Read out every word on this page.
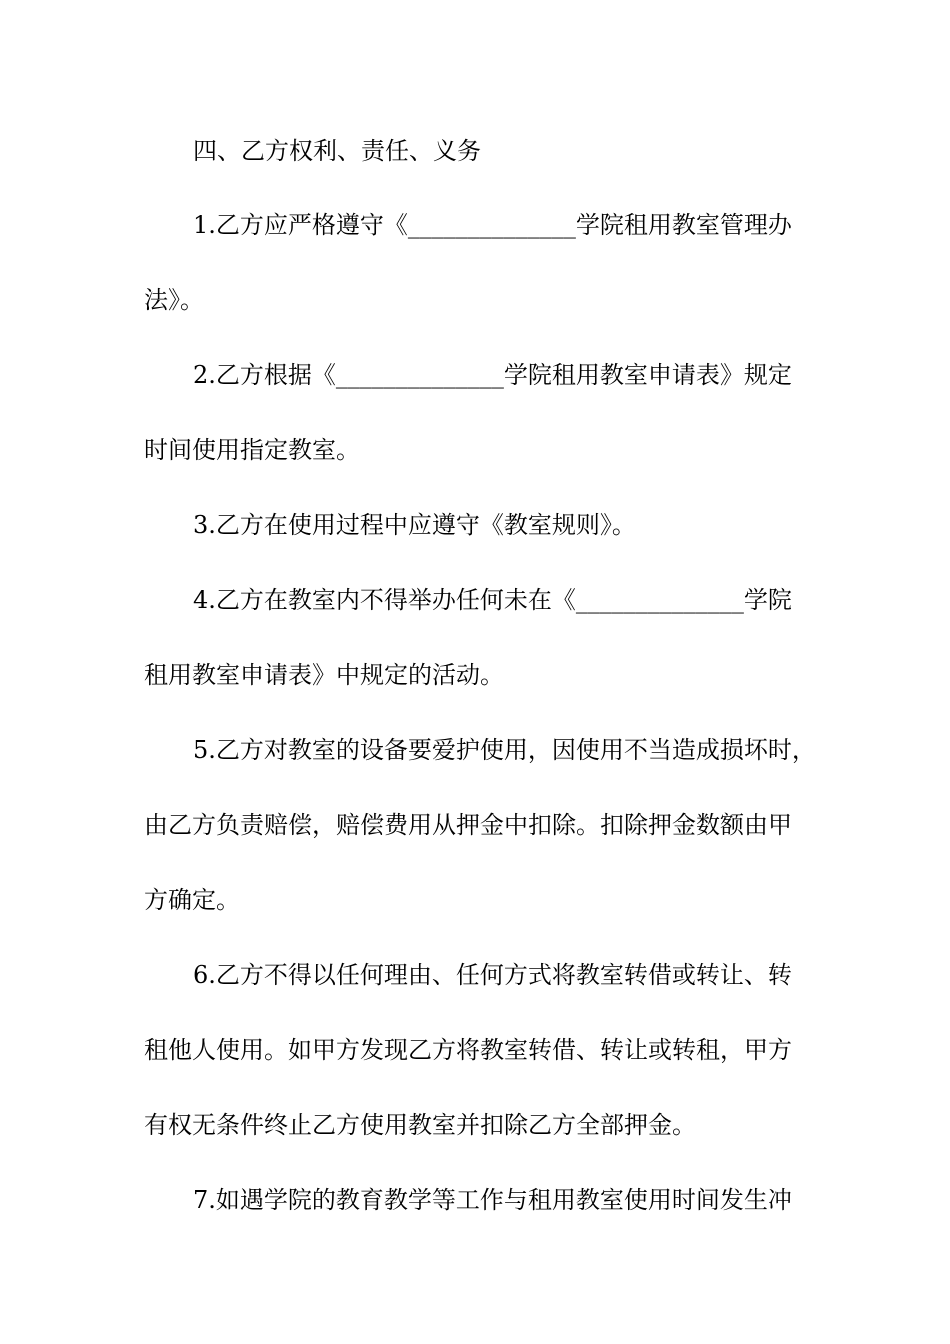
四、乙方权利、责任、义务
1.乙方应严格遵守《______________学院租用教室管理办
法》。
2.乙方根据《______________学院租用教室申请表》规定
时间使用指定教室。
3.乙方在使用过程中应遵守《教室规则》。
4.乙方在教室内不得举办任何未在《______________学院
租用教室申请表》中规定的活动。
5.乙方对教室的设备要爱护使用，因使用不当造成损坏时，
由乙方负责赔偿，赔偿费用从押金中扣除。扣除押金数额由甲
方确定。
6.乙方不得以任何理由、任何方式将教室转借或转让、转
租他人使用。如甲方发现乙方将教室转借、转让或转租，甲方
有权无条件终止乙方使用教室并扣除乙方全部押金。
7.如遇学院的教育教学等工作与租用教室使用时间发生冲
